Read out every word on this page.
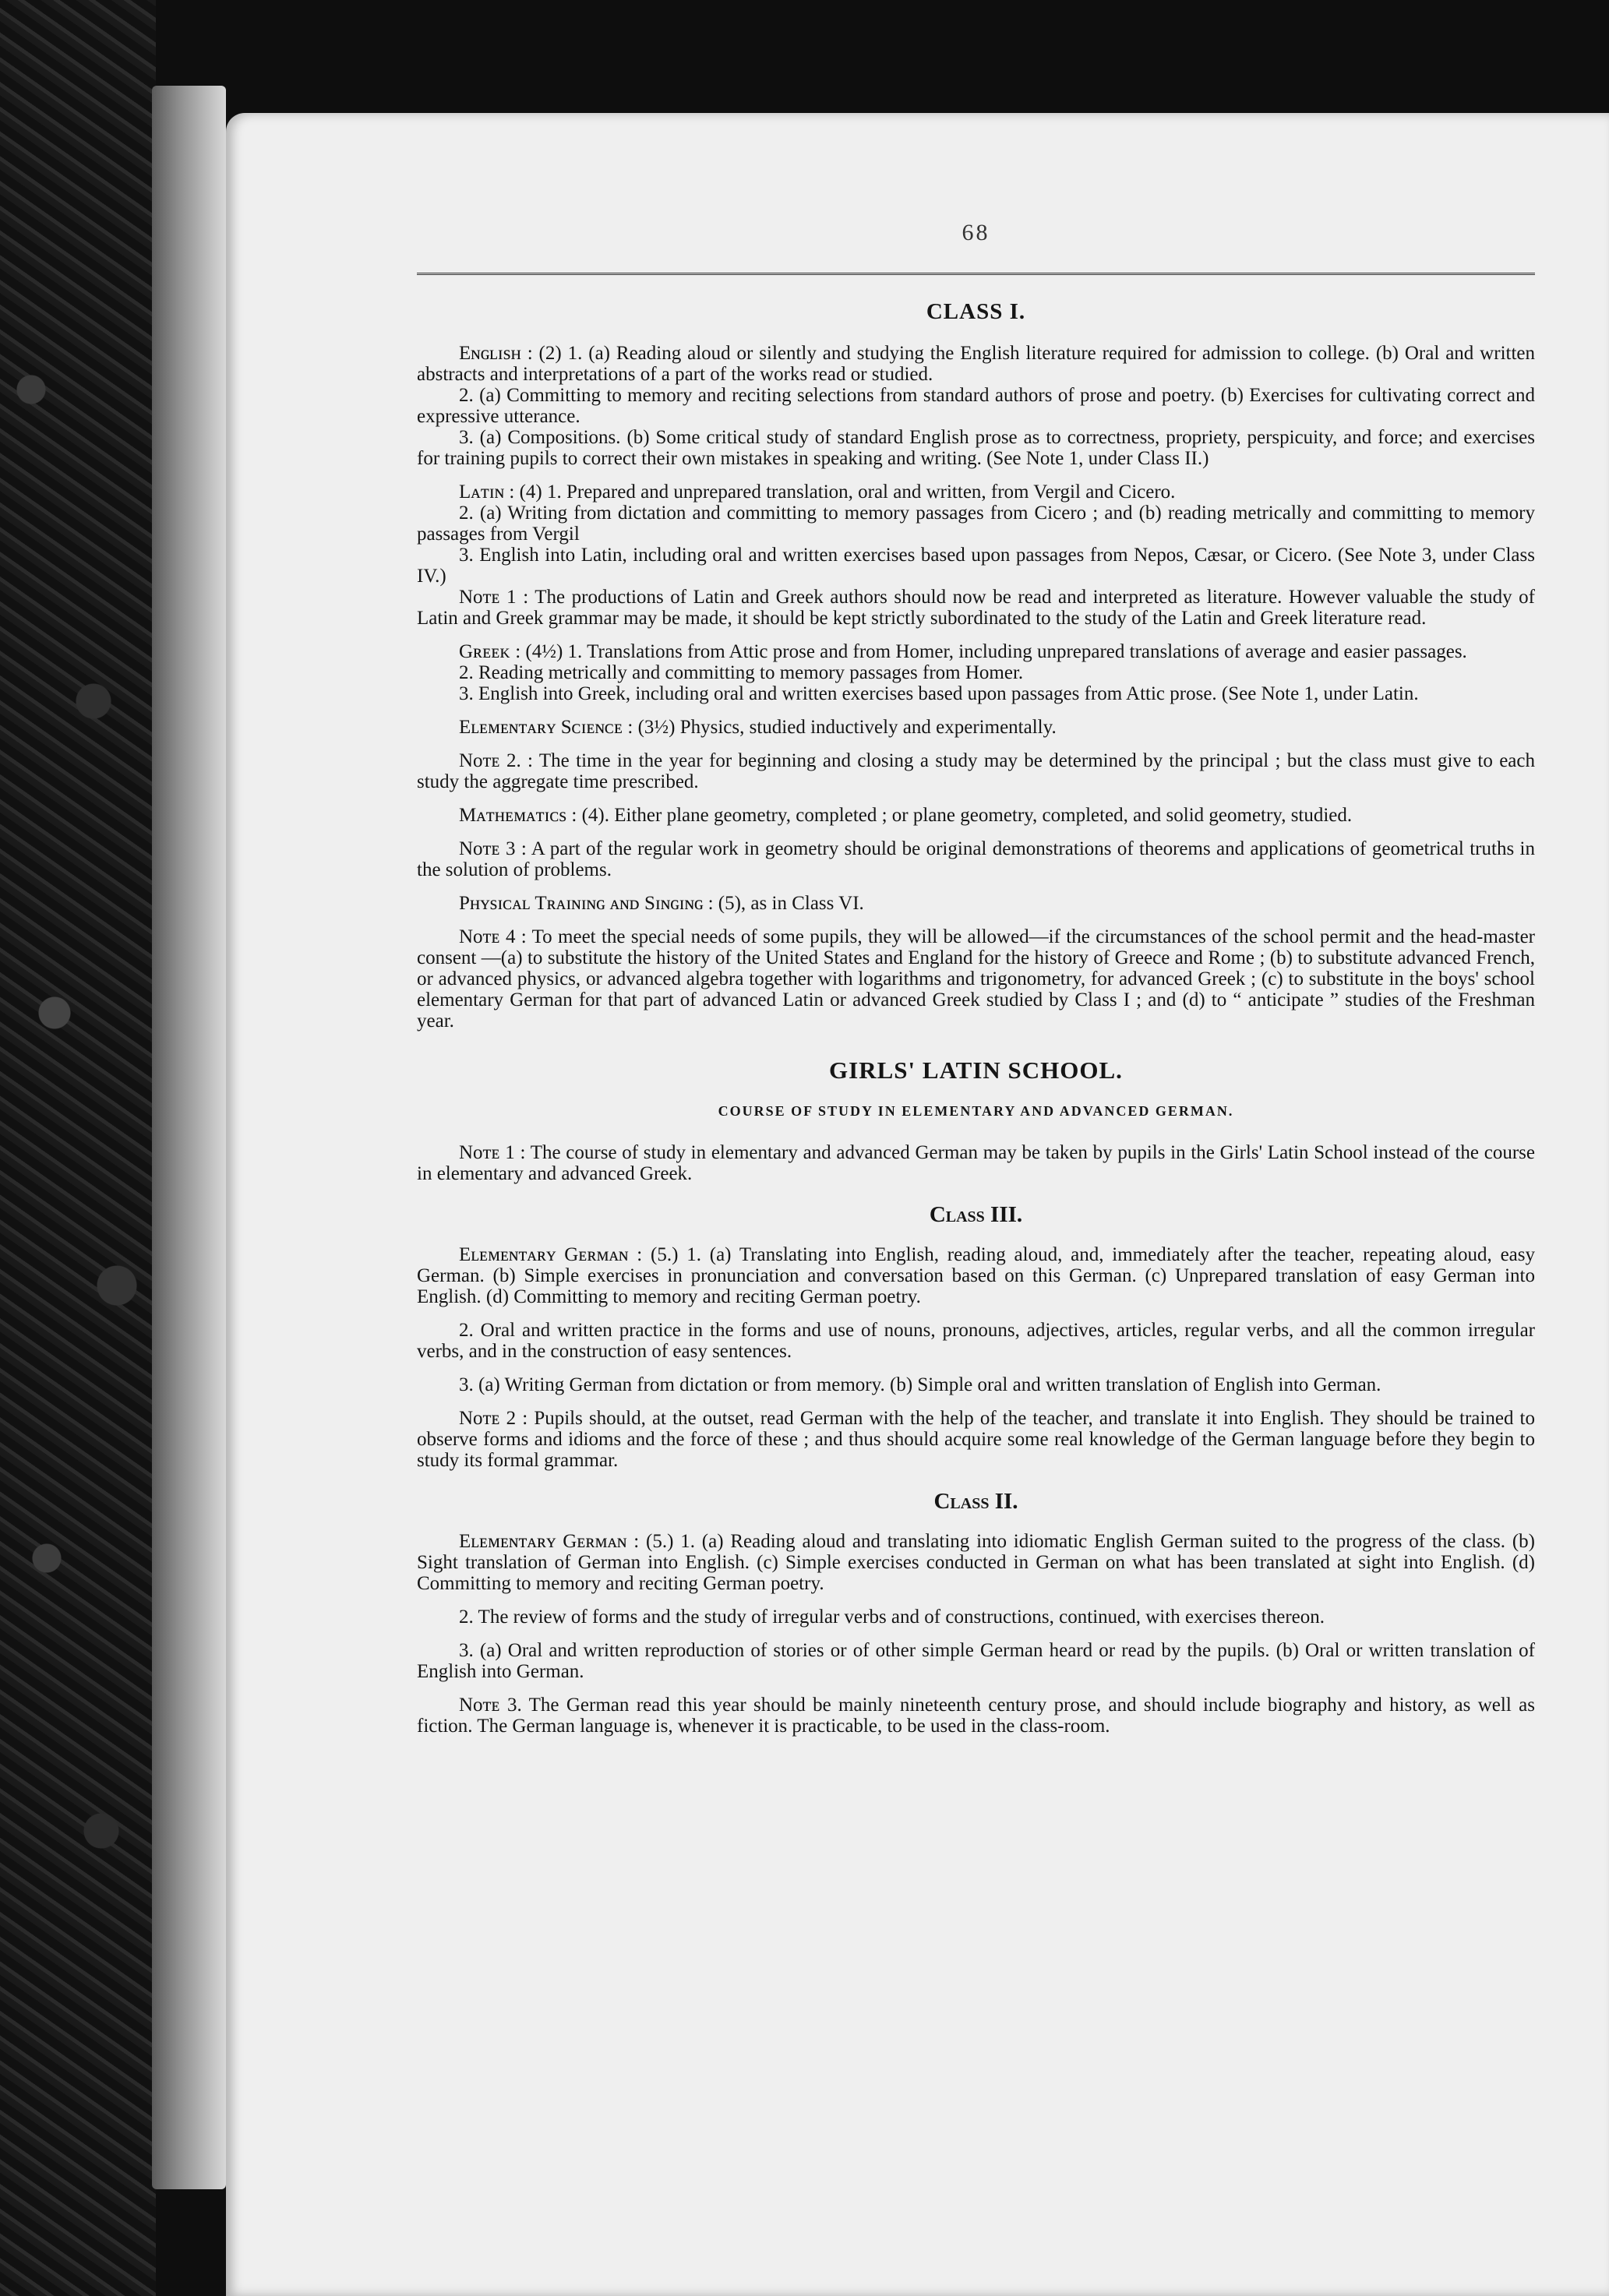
68
CLASS I.

Eɴɢʟɪsʜ : (2) 1. (a) Reading aloud or silently and studying the English literature required for admission to college. (b) Oral and written abstracts and interpretations of a part of the works read or studied.

2. (a) Committing to memory and reciting selections from standard authors of prose and poetry. (b) Exercises for cultivating correct and expressive utterance.

3. (a) Compositions. (b) Some critical study of standard English prose as to correctness, propriety, perspicuity, and force; and exercises for training pupils to correct their own mistakes in speaking and writing. (See Note 1, under Class II.)

Lᴀᴛɪɴ : (4) 1. Prepared and unprepared translation, oral and written, from Vergil and Cicero.

2. (a) Writing from dictation and committing to memory passages from Cicero ; and (b) reading metrically and committing to memory passages from Vergil

3. English into Latin, including oral and written exercises based upon passages from Nepos, Cæsar, or Cicero. (See Note 3, under Class IV.)

Nᴏᴛᴇ 1 : The productions of Latin and Greek authors should now be read and interpreted as literature. However valuable the study of Latin and Greek grammar may be made, it should be kept strictly subordinated to the study of the Latin and Greek literature read.

Gʀᴇᴇᴋ : (4½) 1. Translations from Attic prose and from Homer, including unprepared translations of average and easier passages.

2. Reading metrically and committing to memory passages from Homer.

3. English into Greek, including oral and written exercises based upon passages from Attic prose. (See Note 1, under Latin.

Eʟᴇᴍᴇɴᴛᴀʀʏ Sᴄɪᴇɴᴄᴇ : (3½) Physics, studied inductively and experimentally.

Nᴏᴛᴇ 2. : The time in the year for beginning and closing a study may be determined by the principal ; but the class must give to each study the aggregate time prescribed.

Mᴀᴛʜᴇᴍᴀᴛɪᴄs : (4). Either plane geometry, completed ; or plane geometry, completed, and solid geometry, studied.

Nᴏᴛᴇ 3 : A part of the regular work in geometry should be original demonstrations of theorems and applications of geometrical truths in the solution of problems.

Pʜʏsɪᴄᴀʟ Tʀᴀɪɴɪɴɢ ᴀɴᴅ Sɪɴɢɪɴɢ : (5), as in Class VI.

Nᴏᴛᴇ 4 : To meet the special needs of some pupils, they will be allowed—if the circumstances of the school permit and the head-master consent —(a) to substitute the history of the United States and England for the history of Greece and Rome ; (b) to substitute advanced French, or advanced physics, or advanced algebra together with logarithms and trigonometry, for advanced Greek ; (c) to substitute in the boys' school elementary German for that part of advanced Latin or advanced Greek studied by Class I ; and (d) to “ anticipate ” studies of the Freshman year.

GIRLS' LATIN SCHOOL.
COURSE OF STUDY IN ELEMENTARY AND ADVANCED GERMAN.

Nᴏᴛᴇ 1 : The course of study in elementary and advanced German may be taken by pupils in the Girls' Latin School instead of the course in elementary and advanced Greek.

Class III.

Eʟᴇᴍᴇɴᴛᴀʀʏ Gᴇʀᴍᴀɴ : (5.) 1. (a) Translating into English, reading aloud, and, immediately after the teacher, repeating aloud, easy German. (b) Simple exercises in pronunciation and conversation based on this German. (c) Unprepared translation of easy German into English. (d) Committing to memory and reciting German poetry.

2. Oral and written practice in the forms and use of nouns, pronouns, adjectives, articles, regular verbs, and all the common irregular verbs, and in the construction of easy sentences.

3. (a) Writing German from dictation or from memory. (b) Simple oral and written translation of English into German.

Nᴏᴛᴇ 2 : Pupils should, at the outset, read German with the help of the teacher, and translate it into English. They should be trained to observe forms and idioms and the force of these ; and thus should acquire some real knowledge of the German language before they begin to study its formal grammar.

Class II.

Eʟᴇᴍᴇɴᴛᴀʀʏ Gᴇʀᴍᴀɴ : (5.) 1. (a) Reading aloud and translating into idiomatic English German suited to the progress of the class. (b) Sight translation of German into English. (c) Simple exercises conducted in German on what has been translated at sight into English. (d) Committing to memory and reciting German poetry.

2. The review of forms and the study of irregular verbs and of constructions, continued, with exercises thereon.

3. (a) Oral and written reproduction of stories or of other simple German heard or read by the pupils. (b) Oral or written translation of English into German.

Nᴏᴛᴇ 3. The German read this year should be mainly nineteenth century prose, and should include biography and history, as well as fiction. The German language is, whenever it is practicable, to be used in the class-room.
